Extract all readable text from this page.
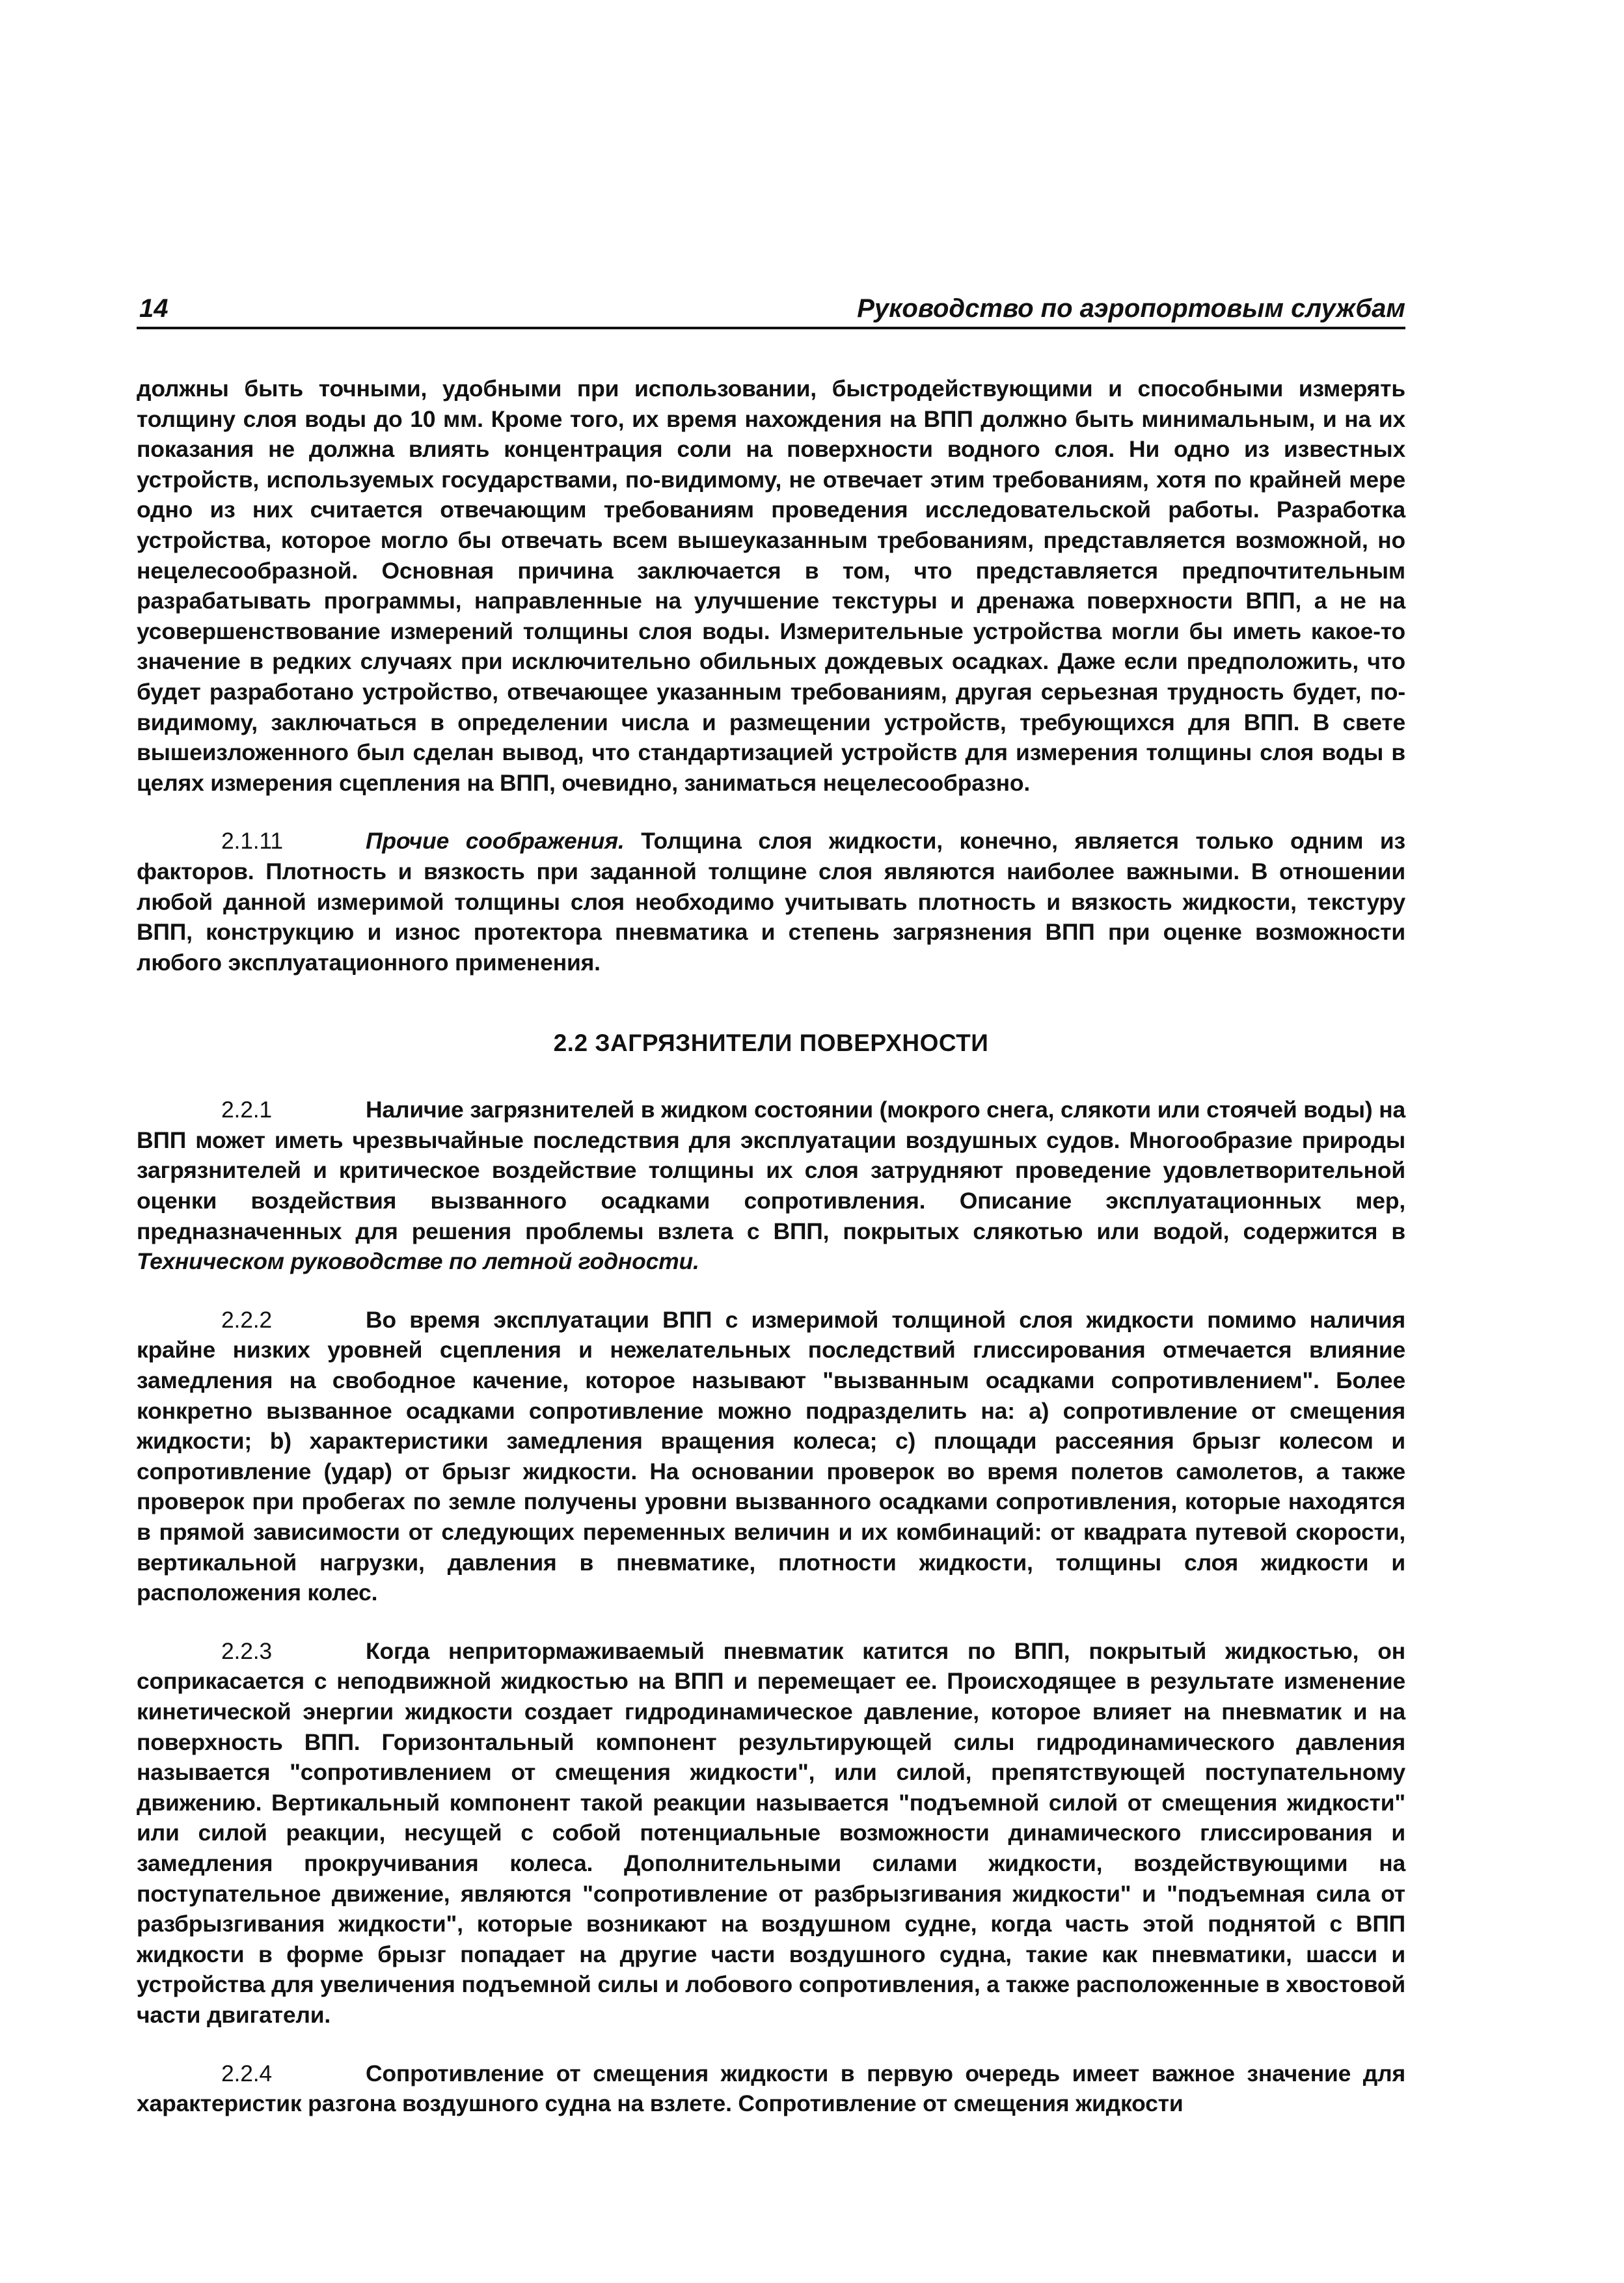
14	Руководство по аэропортовым службам

должны быть точными, удобными при использовании, быстродействующими и способными измерять толщину слоя воды до 10 мм. Кроме того, их время нахождения на ВПП должно быть минимальным, и на их показания не должна влиять концентрация соли на поверхности водного слоя. Ни одно из известных устройств, используемых государствами, по-видимому, не отвечает этим требованиям, хотя по крайней мере одно из них считается отвечающим требованиям проведения исследовательской работы. Разработка устройства, которое могло бы отвечать всем вышеуказанным требованиям, представляется возможной, но нецелесообразной. Основная причина заключается в том, что представляется предпочтительным разрабатывать программы, направленные на улучшение текстуры и дренажа поверхности ВПП, а не на усовершенствование измерений толщины слоя воды. Измерительные устройства могли бы иметь какое-то значение в редких случаях при исключительно обильных дождевых осадках. Даже если предположить, что будет разработано устройство, отвечающее указанным требованиям, другая серьезная трудность будет, по-видимому, заключаться в определении числа и размещении устройств, требующихся для ВПП. В свете вышеизложенного был сделан вывод, что стандартизацией устройств для измерения толщины слоя воды в целях измерения сцепления на ВПП, очевидно, заниматься нецелесообразно.

2.1.11	Прочие соображения. Толщина слоя жидкости, конечно, является только одним из факторов. Плотность и вязкость при заданной толщине слоя являются наиболее важными. В отношении любой данной измеримой толщины слоя необходимо учитывать плотность и вязкость жидкости, текстуру ВПП, конструкцию и износ протектора пневматика и степень загрязнения ВПП при оценке возможности любого эксплуатационного применения.

2.2 ЗАГРЯЗНИТЕЛИ ПОВЕРХНОСТИ

2.2.1	Наличие загрязнителей в жидком состоянии (мокрого снега, слякоти или стоячей воды) на ВПП может иметь чрезвычайные последствия для эксплуатации воздушных судов. Многообразие природы загрязнителей и критическое воздействие толщины их слоя затрудняют проведение удовлетворительной оценки воздействия вызванного осадками сопротивления. Описание эксплуатационных мер, предназначенных для решения проблемы взлета с ВПП, покрытых слякотью или водой, содержится в Техническом руководстве по летной годности.

2.2.2	Во время эксплуатации ВПП с измеримой толщиной слоя жидкости помимо наличия крайне низких уровней сцепления и нежелательных последствий глиссирования отмечается влияние замедления на свободное качение, которое называют "вызванным осадками сопротивлением". Более конкретно вызванное осадками сопротивление можно подразделить на: a) сопротивление от смещения жидкости; b) характеристики замедления вращения колеса; c) площади рассеяния брызг колесом и сопротивление (удар) от брызг жидкости. На основании проверок во время полетов самолетов, а также проверок при пробегах по земле получены уровни вызванного осадками сопротивления, которые находятся в прямой зависимости от следующих переменных величин и их комбинаций: от квадрата путевой скорости, вертикальной нагрузки, давления в пневматике, плотности жидкости, толщины слоя жидкости и расположения колес.

2.2.3	Когда непритормаживаемый пневматик катится по ВПП, покрытый жидкостью, он соприкасается с неподвижной жидкостью на ВПП и перемещает ее. Происходящее в результате изменение кинетической энергии жидкости создает гидродинамическое давление, которое влияет на пневматик и на поверхность ВПП. Горизонтальный компонент результирующей силы гидродинамического давления называется "сопротивлением от смещения жидкости", или силой, препятствующей поступательному движению. Вертикальный компонент такой реакции называется "подъемной силой от смещения жидкости" или силой реакции, несущей с собой потенциальные возможности динамического глиссирования и замедления прокручивания колеса. Дополнительными силами жидкости, воздействующими на поступательное движение, являются "сопротивление от разбрызгивания жидкости" и "подъемная сила от разбрызгивания жидкости", которые возникают на воздушном судне, когда часть этой поднятой с ВПП жидкости в форме брызг попадает на другие части воздушного судна, такие как пневматики, шасси и устройства для увеличения подъемной силы и лобового сопротивления, а также расположенные в хвостовой части двигатели.

2.2.4	Сопротивление от смещения жидкости в первую очередь имеет важное значение для характеристик разгона воздушного судна на взлете. Сопротивление от смещения жидкости
